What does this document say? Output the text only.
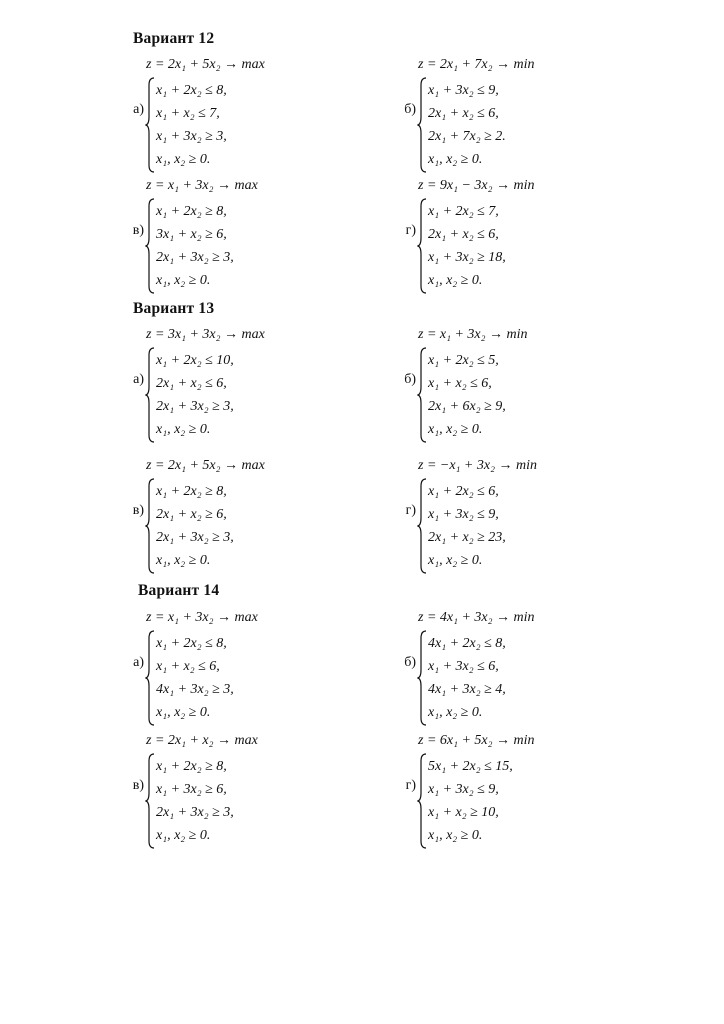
Вариант 12
z = 2x₁ + 5x₂ → max
а)
x₁ + 2x₂ ≤ 8,
x₁ + x₂ ≤ 7,
x₁ + 3x₂ ≥ 3,
x₁, x₂ ≥ 0.
z = 2x₁ + 7x₂ → min
б)
x₁ + 3x₂ ≤ 9,
2x₁ + x₂ ≤ 6,
2x₁ + 7x₂ ≥ 2.
x₁, x₂ ≥ 0.
z = x₁ + 3x₂ → max
в)
x₁ + 2x₂ ≥ 8,
3x₁ + x₂ ≥ 6,
2x₁ + 3x₂ ≥ 3,
x₁, x₂ ≥ 0.
z = 9x₁ − 3x₂ → min
г)
x₁ + 2x₂ ≤ 7,
2x₁ + x₂ ≤ 6,
x₁ + 3x₂ ≥ 18,
x₁, x₂ ≥ 0.
Вариант 13
z = 3x₁ + 3x₂ → max
а)
x₁ + 2x₂ ≤ 10,
2x₁ + x₂ ≤ 6,
2x₁ + 3x₂ ≥ 3,
x₁, x₂ ≥ 0.
z = x₁ + 3x₂ → min
б)
x₁ + 2x₂ ≤ 5,
x₁ + x₂ ≤ 6,
2x₁ + 6x₂ ≥ 9,
x₁, x₂ ≥ 0.
z = 2x₁ + 5x₂ → max
в)
x₁ + 2x₂ ≥ 8,
2x₁ + x₂ ≥ 6,
2x₁ + 3x₂ ≥ 3,
x₁, x₂ ≥ 0.
z = −x₁ + 3x₂ → min
г)
x₁ + 2x₂ ≤ 6,
x₁ + 3x₂ ≤ 9,
2x₁ + x₂ ≥ 23,
x₁, x₂ ≥ 0.
Вариант 14
z = x₁ + 3x₂ → max
а)
x₁ + 2x₂ ≤ 8,
x₁ + x₂ ≤ 6,
4x₁ + 3x₂ ≥ 3,
x₁, x₂ ≥ 0.
z = 4x₁ + 3x₂ → min
б)
4x₁ + 2x₂ ≤ 8,
x₁ + 3x₂ ≤ 6,
4x₁ + 3x₂ ≥ 4,
x₁, x₂ ≥ 0.
z = 2x₁ + x₂ → max
в)
x₁ + 2x₂ ≥ 8,
x₁ + 3x₂ ≥ 6,
2x₁ + 3x₂ ≥ 3,
x₁, x₂ ≥ 0.
z = 6x₁ + 5x₂ → min
г)
5x₁ + 2x₂ ≤ 15,
x₁ + 3x₂ ≤ 9,
x₁ + x₂ ≥ 10,
x₁, x₂ ≥ 0.
